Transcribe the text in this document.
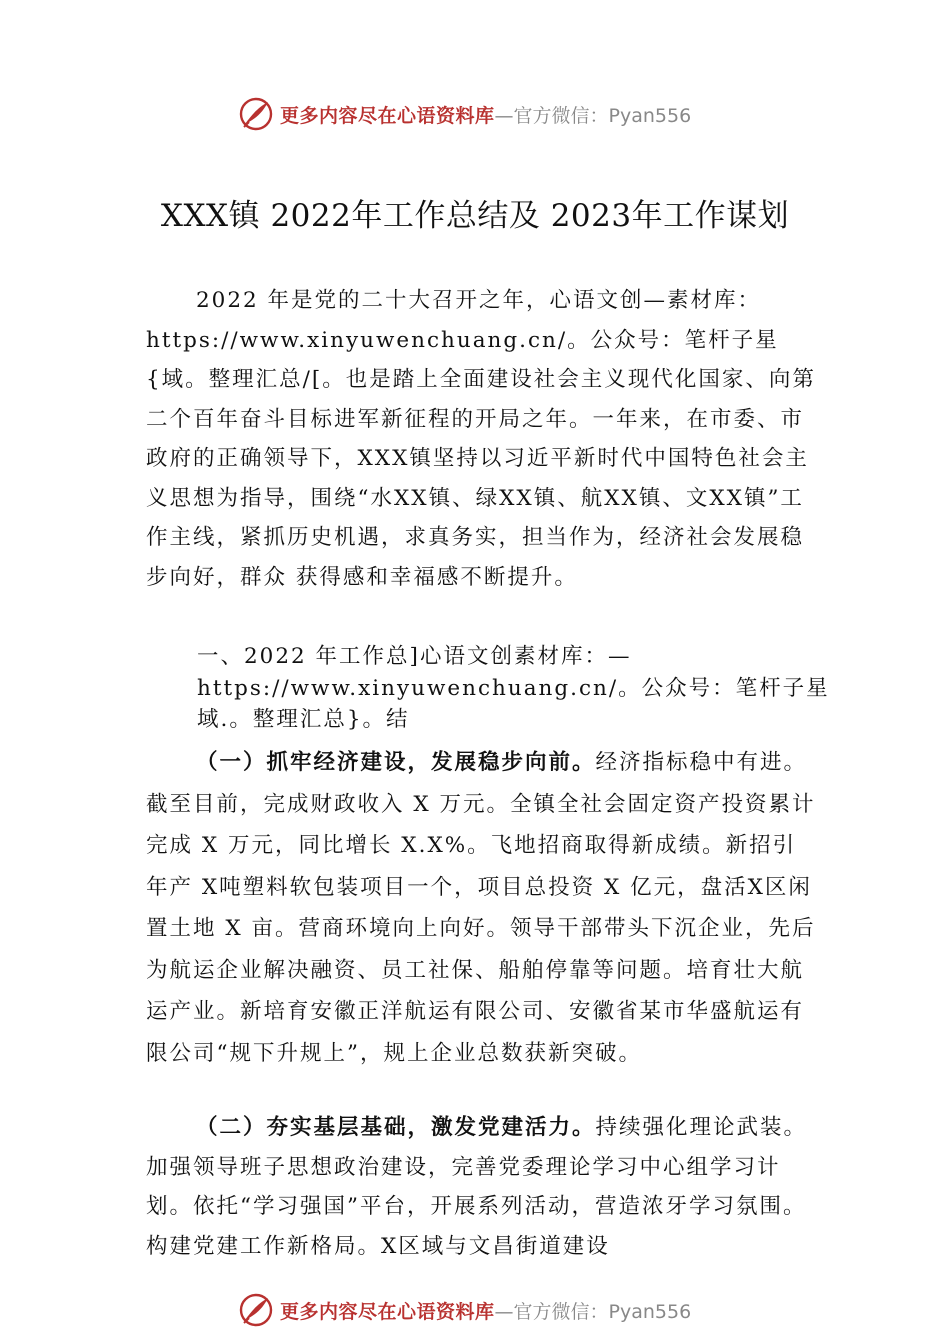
更多内容尽在心语资料库 —官方微信：Pyan556
XXX镇 2022年工作总结及 2023年工作谋划

2022 年是党的二十大召开之年，心语文创—素材库：https://www.xinyuwenchuang.cn/。公众号：笔杆子星{域。整理汇总/[。也是踏上全面建设社会主义现代化国家、向第二个百年奋斗目标进军新征程的开局之年。一年来，在市委、市政府的正确领导下，XXX镇坚持以习近平新时代中国特色社会主义思想为指导，围绕“水XX镇、绿XX镇、航XX镇、文XX镇”工作主线，紧抓历史机遇，求真务实，担当作为，经济社会发展稳步向好，群众 获得感和幸福感不断提升。

一、2022 年工作总]心语文创素材库：—https://www.xinyuwenchuang.cn/。公众号：笔杆子星域.。整理汇总}。结

（一）抓牢经济建设，发展稳步向前。经济指标稳中有进。截至目前，完成财政收入 X 万元。全镇全社会固定资产投资累计完成 X 万元，同比增长 X.X%。飞地招商取得新成绩。新招引年产 X吨塑料软包装项目一个，项目总投资 X 亿元，盘活X区闲置土地 X 亩。营商环境向上向好。领导干部带头下沉企业，先后为航运企业解决融资、员工社保、船舶停靠等问题。培育壮大航运产业。新培育安徽正洋航运有限公司、安徽省某市华盛航运有限公司“规下升规上”，规上企业总数获新突破。

（二）夯实基层基础，激发党建活力。持续强化理论武装。加强领导班子思想政治建设，完善党委理论学习中心组学习计划。依托“学习强国”平台，开展系列活动，营造浓⽛学习氛围。构建党建工作新格局。X区域与文昌街道建设

更多内容尽在心语资料库 —官方微信：Pyan556
